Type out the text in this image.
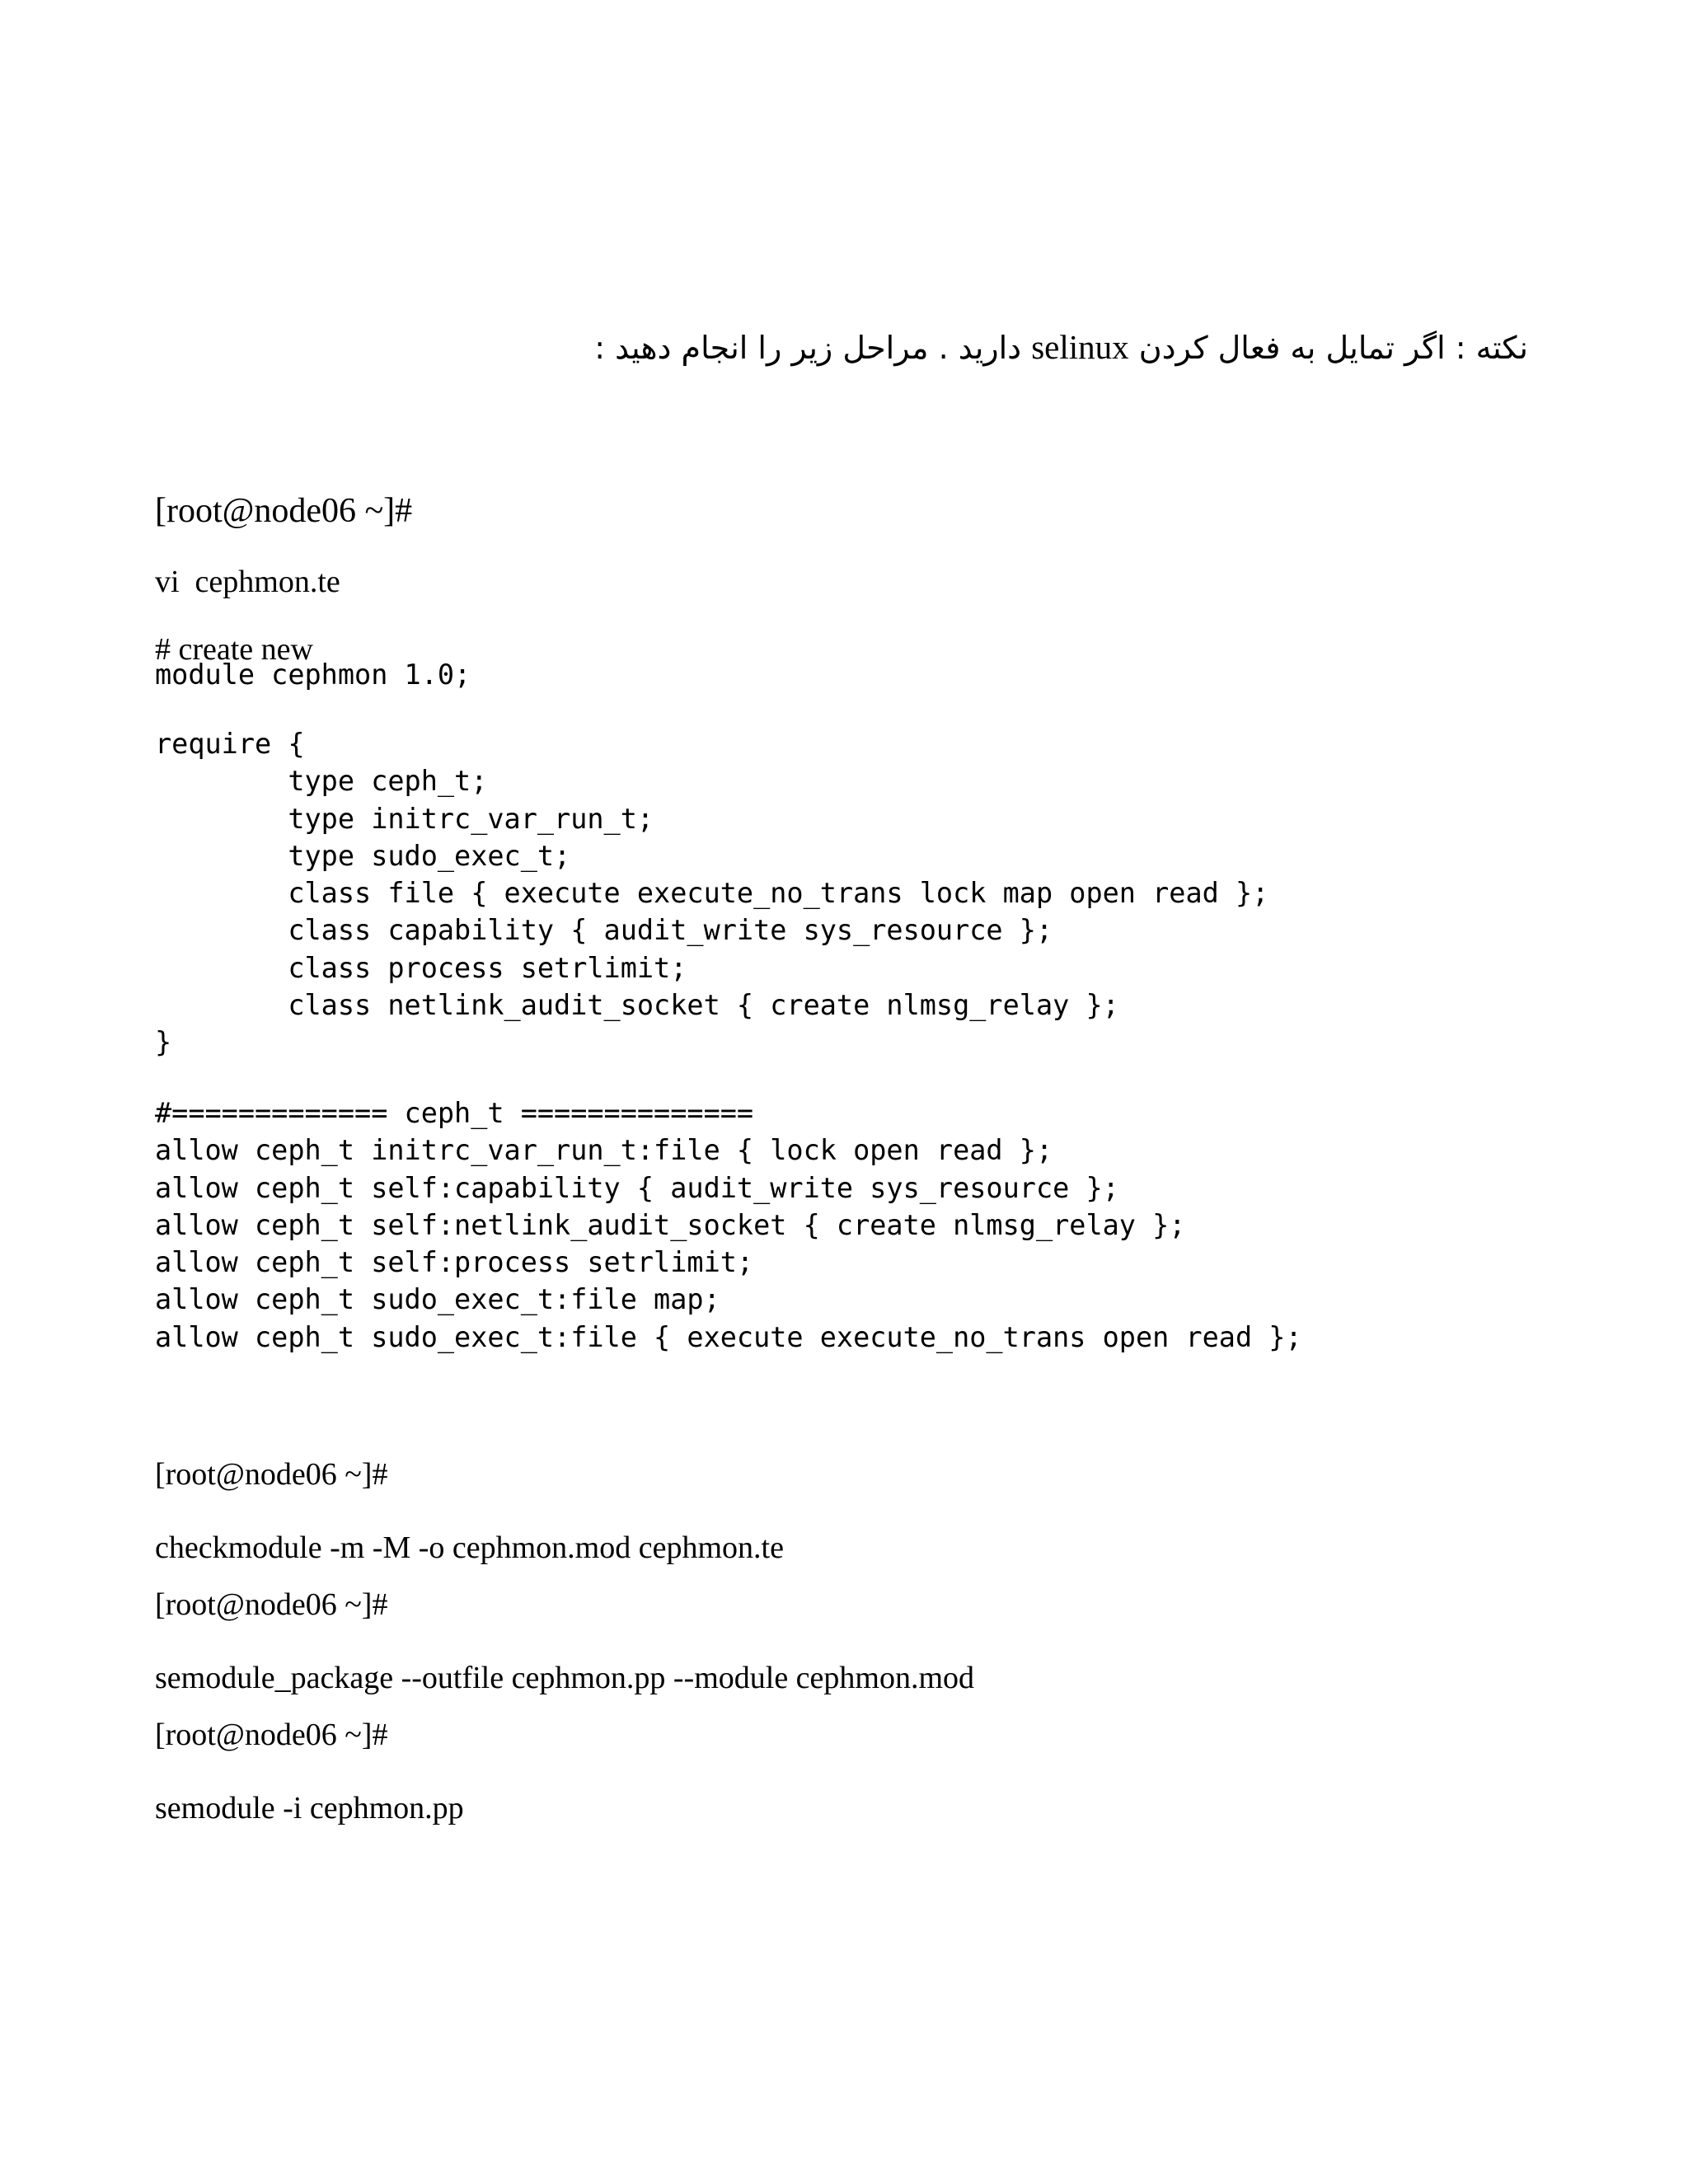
نکته : اگر تمایل به فعال کردن selinux دارید . مراحل زیر را انجام دهید :

[root@node06 ~]#

vi  cephmon.te

# create new

module cephmon 1.0;
require {
type ceph_t;
type initrc_var_run_t;
type sudo_exec_t;
class file { execute execute_no_trans lock map open read };
class capability { audit_write sys_resource };
class process setrlimit;
class netlink_audit_socket { create nlmsg_relay };
}
#============= ceph_t ==============
allow ceph_t initrc_var_run_t:file { lock open read };
allow ceph_t self:capability { audit_write sys_resource };
allow ceph_t self:netlink_audit_socket { create nlmsg_relay };
allow ceph_t self:process setrlimit;
allow ceph_t sudo_exec_t:file map;
allow ceph_t sudo_exec_t:file { execute execute_no_trans open read };

[root@node06 ~]#

checkmodule -m -M -o cephmon.mod cephmon.te

[root@node06 ~]#

semodule_package --outfile cephmon.pp --module cephmon.mod

[root@node06 ~]#

semodule -i cephmon.pp
